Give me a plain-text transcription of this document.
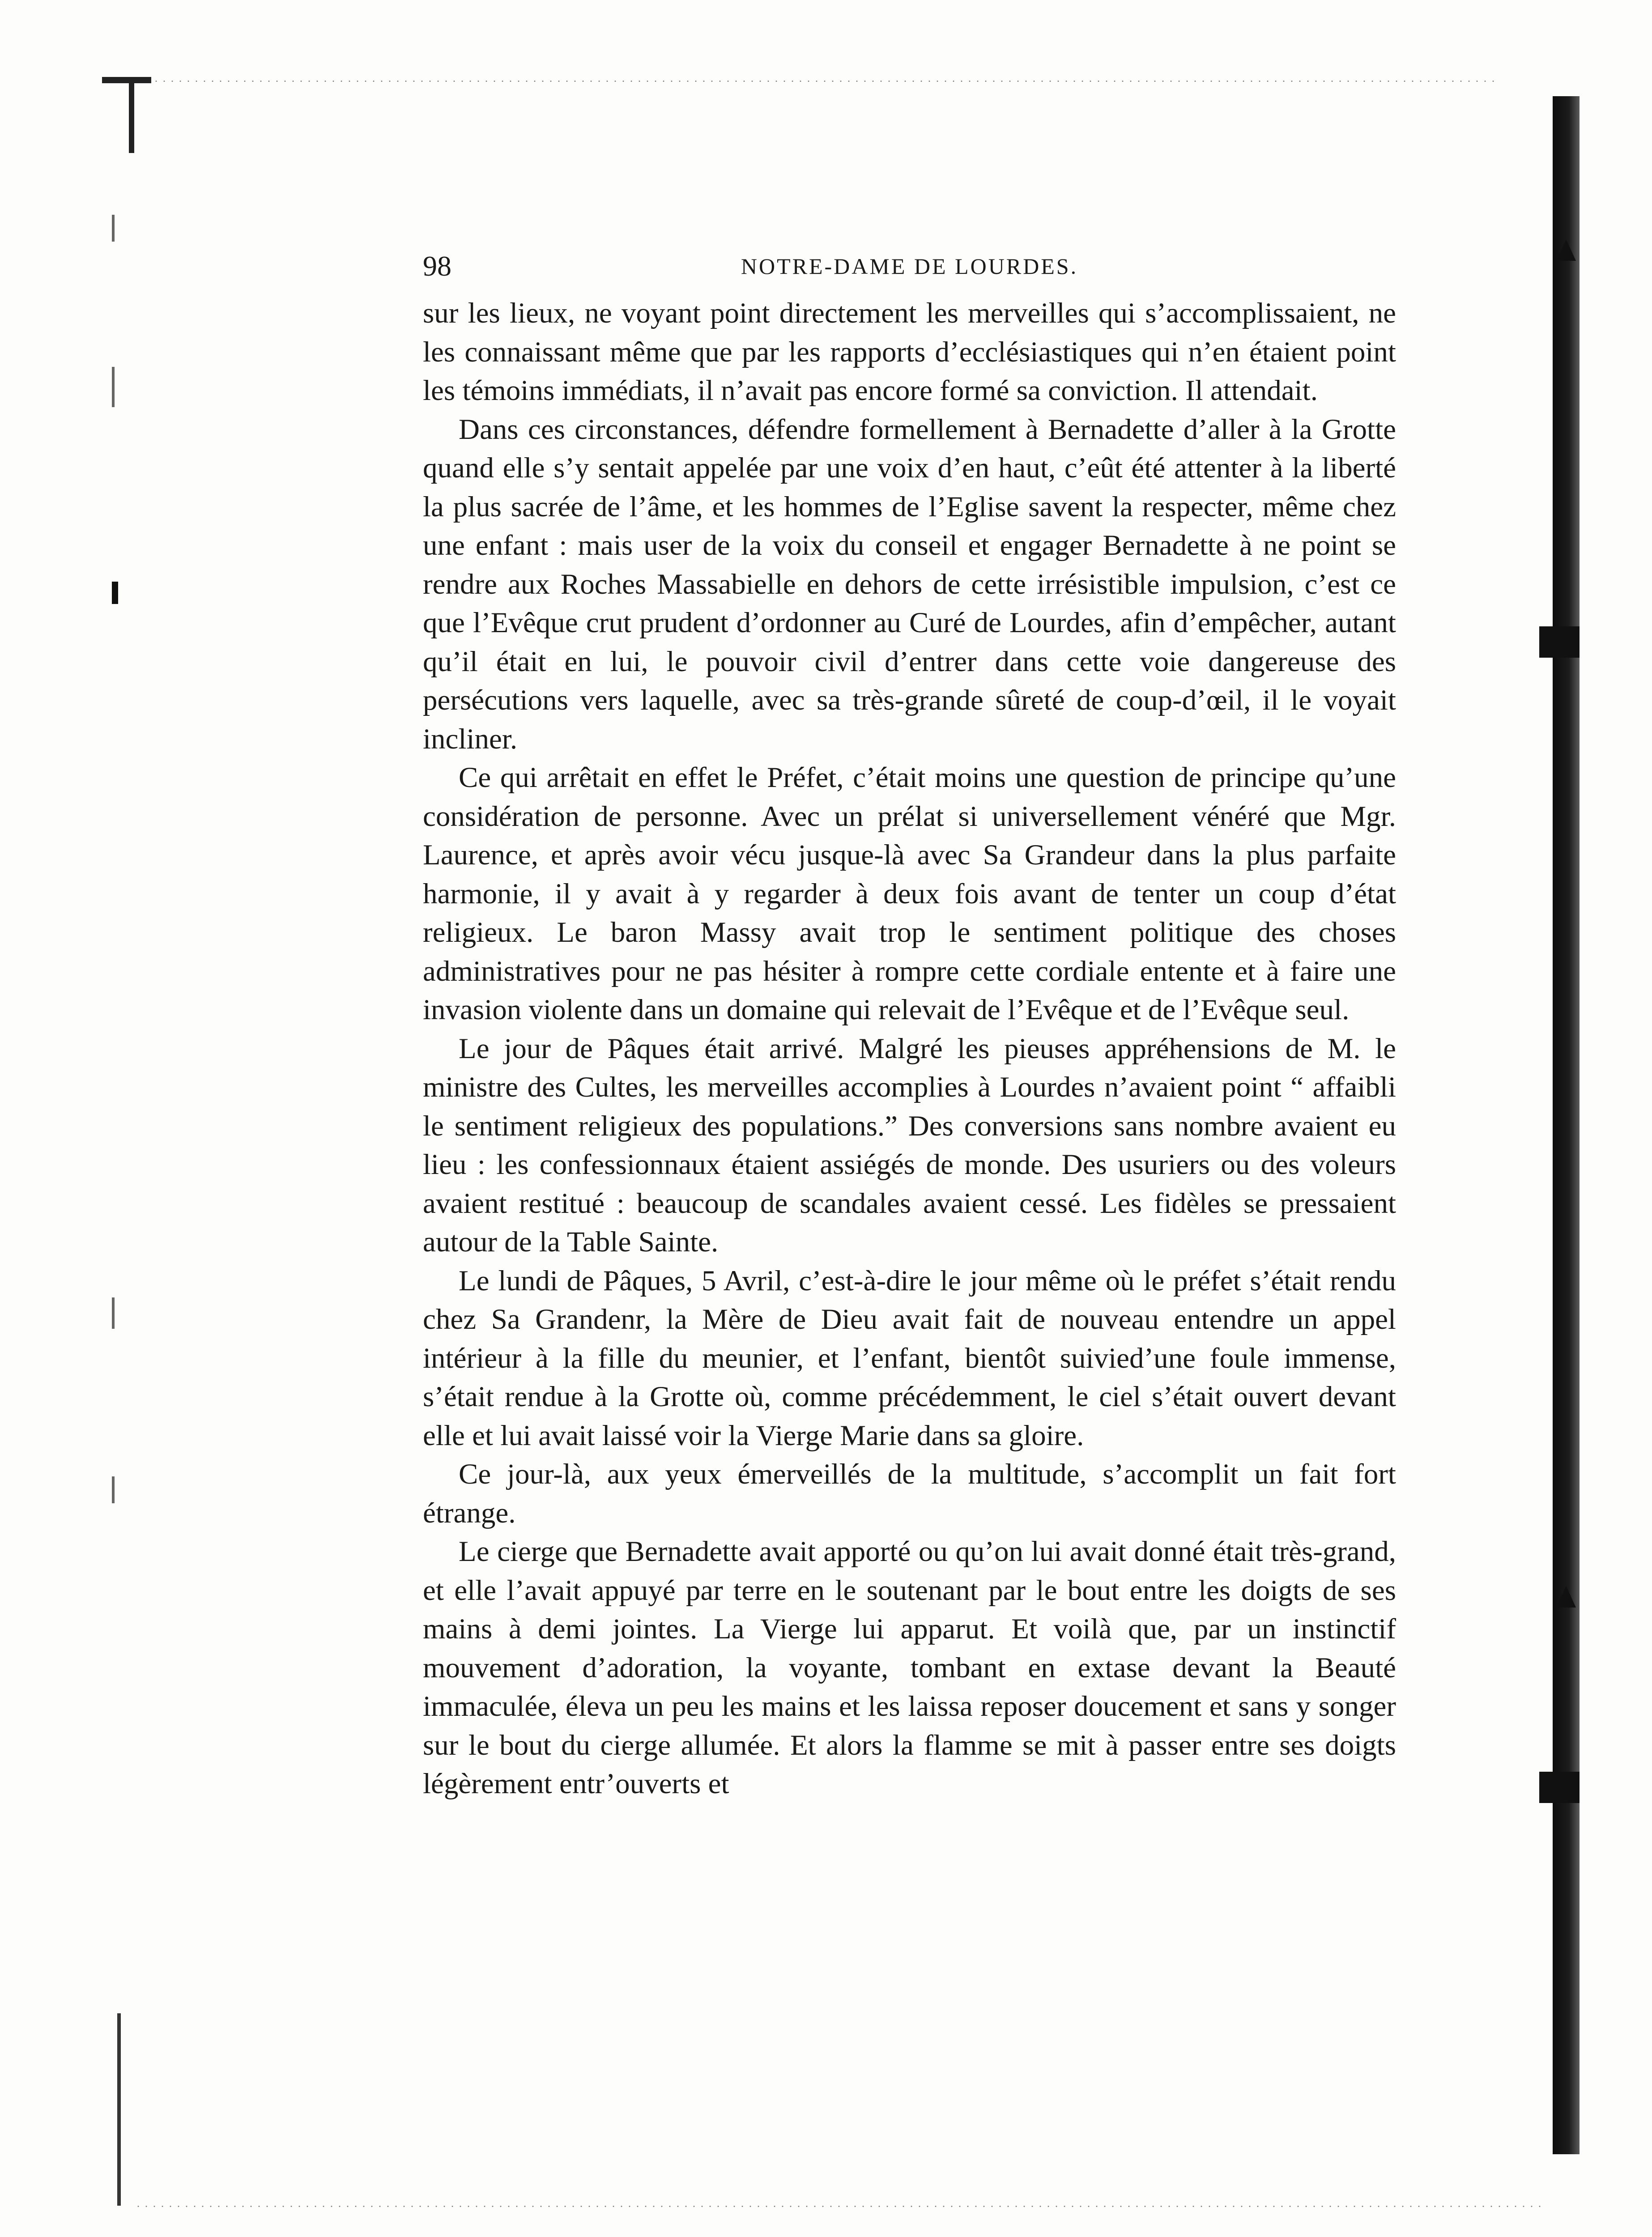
98	NOTRE-DAME DE LOURDES.

sur les lieux, ne voyant point directement les merveilles qui s’accomplissaient, ne les connaissant même que par les rapports d’ecclésiastiques qui n’en étaient point les témoins immédiats, il n’avait pas encore formé sa conviction. Il attendait.

Dans ces circonstances, défendre formellement à Bernadette d’aller à la Grotte quand elle s’y sentait appelée par une voix d’en haut, c’eût été attenter à la liberté la plus sacrée de l’âme, et les hommes de l’Eglise savent la respecter, même chez une enfant : mais user de la voix du conseil et engager Bernadette à ne point se rendre aux Roches Massabielle en dehors de cette irrésistible impulsion, c’est ce que l’Evêque crut prudent d’ordonner au Curé de Lourdes, afin d’empêcher, autant qu’il était en lui, le pouvoir civil d’entrer dans cette voie dangereuse des persécutions vers laquelle, avec sa très-grande sûreté de coup-d’œil, il le voyait incliner.

Ce qui arrêtait en effet le Préfet, c’était moins une question de principe qu’une considération de personne. Avec un prélat si universellement vénéré que Mgr. Laurence, et après avoir vécu jusque-là avec Sa Grandeur dans la plus parfaite harmonie, il y avait à y regarder à deux fois avant de tenter un coup d’état religieux. Le baron Massy avait trop le sentiment politique des choses administratives pour ne pas hésiter à rompre cette cordiale entente et à faire une invasion violente dans un domaine qui relevait de l’Evêque et de l’Evêque seul.

Le jour de Pâques était arrivé. Malgré les pieuses appréhensions de M. le ministre des Cultes, les merveilles accomplies à Lourdes n’avaient point “ affaibli le sentiment religieux des populations.” Des conversions sans nombre avaient eu lieu : les confessionnaux étaient assiégés de monde. Des usuriers ou des voleurs avaient restitué : beaucoup de scandales avaient cessé. Les fidèles se pressaient autour de la Table Sainte.

Le lundi de Pâques, 5 Avril, c’est-à-dire le jour même où le préfet s’était rendu chez Sa Grandenr, la Mère de Dieu avait fait de nouveau entendre un appel intérieur à la fille du meunier, et l’enfant, bientôt suivied’une foule immense, s’était rendue à la Grotte où, comme précédemment, le ciel s’était ouvert devant elle et lui avait laissé voir la Vierge Marie dans sa gloire.

Ce jour-là, aux yeux émerveillés de la multitude, s’accomplit un fait fort étrange.

Le cierge que Bernadette avait apporté ou qu’on lui avait donné était très-grand, et elle l’avait appuyé par terre en le soutenant par le bout entre les doigts de ses mains à demi jointes. La Vierge lui apparut. Et voilà que, par un instinctif mouvement d’adoration, la voyante, tombant en extase devant la Beauté immaculée, éleva un peu les mains et les laissa reposer doucement et sans y songer sur le bout du cierge allumée. Et alors la flamme se mit à passer entre ses doigts légèrement entr’ouverts et
